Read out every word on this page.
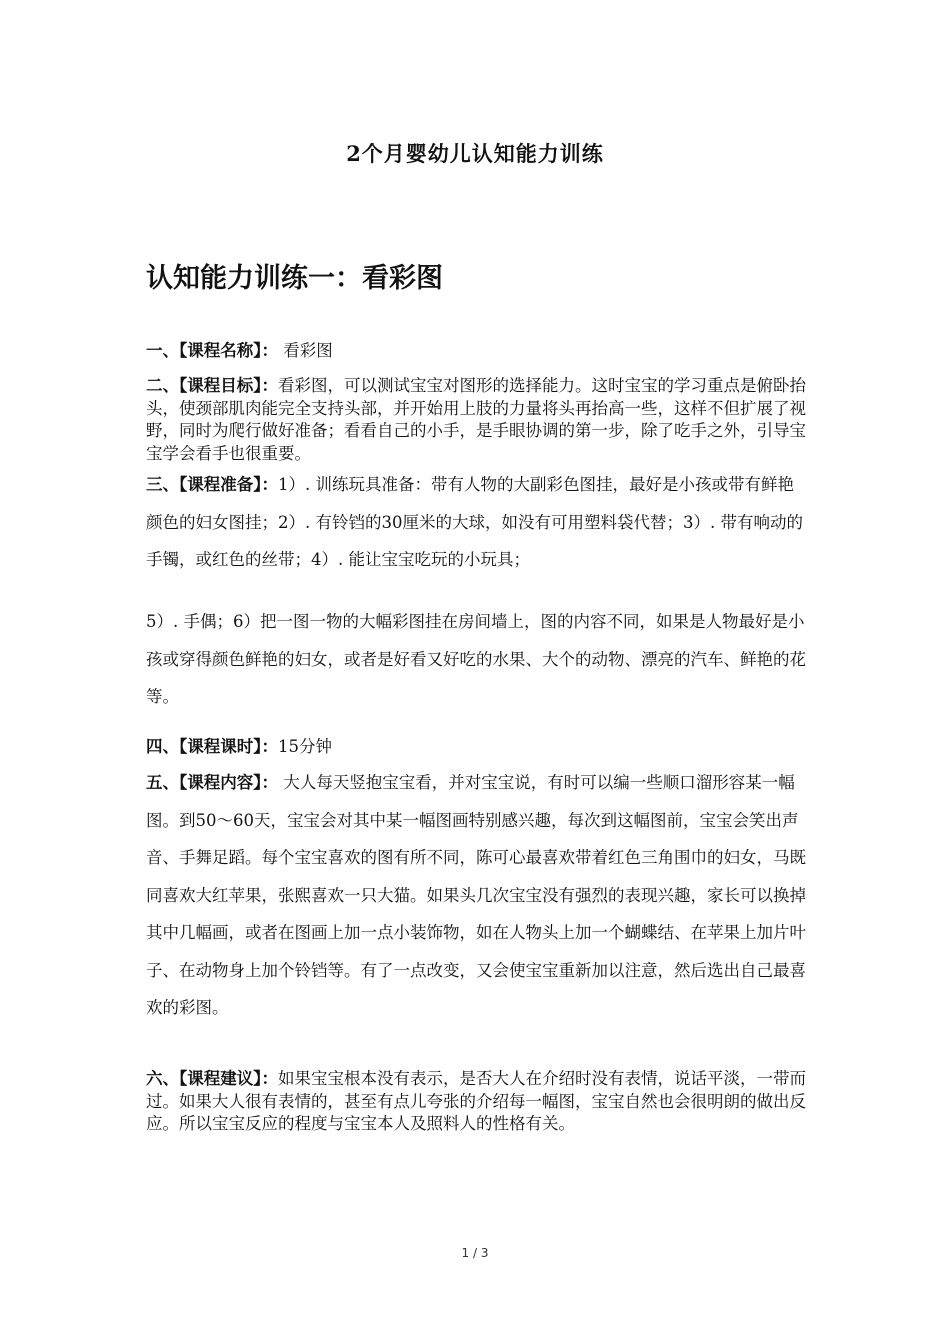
2个月婴幼儿认知能力训练
认知能力训练一：看彩图
一、【课程名称】： 看彩图
二、【课程目标】：看彩图，可以测试宝宝对图形的选择能力。这时宝宝的学习重点是俯卧抬头，使颈部肌肉能完全支持头部，并开始用上肢的力量将头再抬高一些，这样不但扩展了视野，同时为爬行做好准备；看看自己的小手，是手眼协调的第一步，除了吃手之外，引导宝宝学会看手也很重要。
三、【课程准备】：1）. 训练玩具准备：带有人物的大副彩色图挂，最好是小孩或带有鲜艳颜色的妇女图挂；2）. 有铃铛的30厘米的大球，如没有可用塑料袋代替；3）. 带有响动的手镯，或红色的丝带；4）. 能让宝宝吃玩的小玩具；
5）. 手偶；6）把一图一物的大幅彩图挂在房间墙上，图的内容不同，如果是人物最好是小孩或穿得颜色鲜艳的妇女，或者是好看又好吃的水果、大个的动物、漂亮的汽车、鲜艳的花等。
四、【课程课时】：15分钟
五、【课程内容】： 大人每天竖抱宝宝看，并对宝宝说，有时可以编一些顺口溜形容某一幅图。到50～60天，宝宝会对其中某一幅图画特别感兴趣，每次到这幅图前，宝宝会笑出声音、手舞足蹈。每个宝宝喜欢的图有所不同，陈可心最喜欢带着红色三角围巾的妇女，马既同喜欢大红苹果，张熙喜欢一只大猫。如果头几次宝宝没有强烈的表现兴趣，家长可以换掉其中几幅画，或者在图画上加一点小装饰物，如在人物头上加一个蝴蝶结、在苹果上加片叶子、在动物身上加个铃铛等。有了一点改变，又会使宝宝重新加以注意，然后选出自己最喜欢的彩图。
六、【课程建议】：如果宝宝根本没有表示，是否大人在介绍时没有表情，说话平淡，一带而过。如果大人很有表情的，甚至有点儿夸张的介绍每一幅图，宝宝自然也会很明朗的做出反应。所以宝宝反应的程度与宝宝本人及照料人的性格有关。
1 / 3
